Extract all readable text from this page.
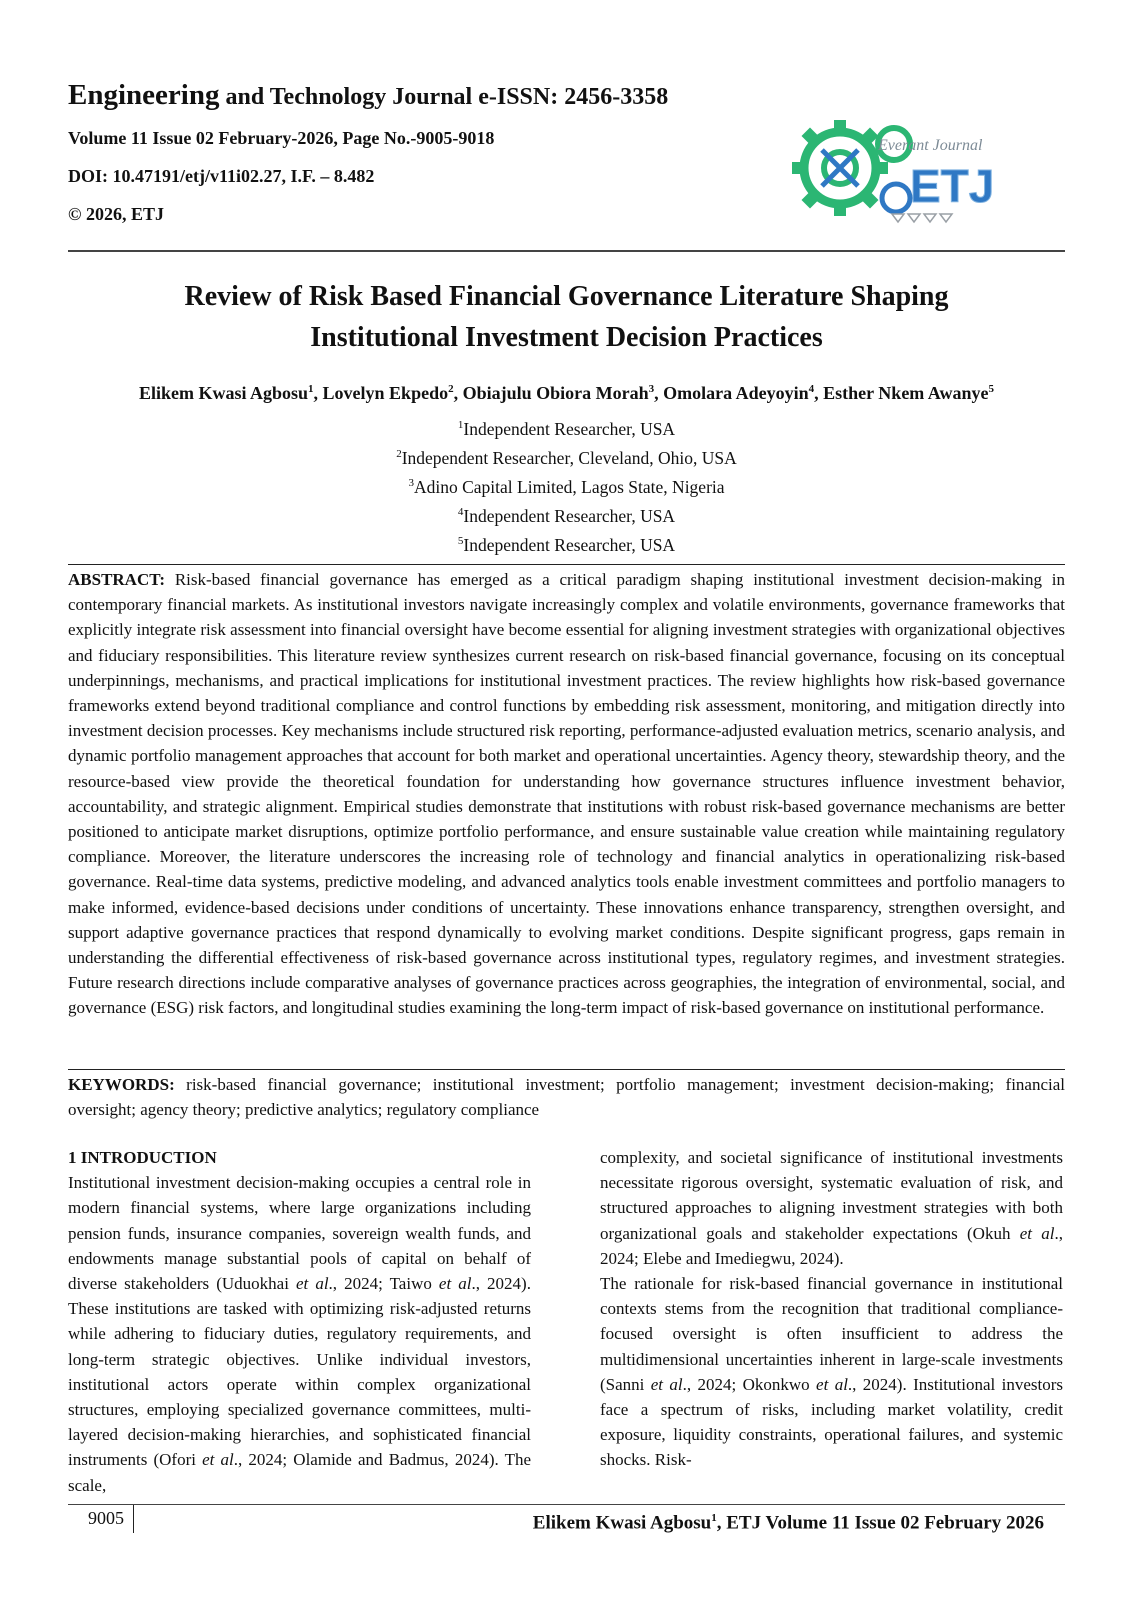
Engineering and Technology Journal e-ISSN: 2456-3358

Volume 11 Issue 02 February-2026, Page No.-9005-9018

DOI: 10.47191/etj/v11i02.27, I.F. – 8.482

© 2026, ETJ

Everant Journal
ETJ
Review of Risk Based Financial Governance Literature Shaping
Institutional Investment Decision Practices

Elikem Kwasi Agbosu$^1$, Lovelyn Ekpedo$^2$, Obiajulu Obiora Morah$^3$, Omolara Adeyoyin$^4$, Esther Nkem Awanye$^5$

$^1$Independent Researcher, USA
$^2$Independent Researcher, Cleveland, Ohio, USA
$^3$Adino Capital Limited, Lagos State, Nigeria
$^4$Independent Researcher, USA
$^5$Independent Researcher, USA

ABSTRACT: Risk-based financial governance has emerged as a critical paradigm shaping institutional investment decision-making in contemporary financial markets. As institutional investors navigate increasingly complex and volatile environments, governance frameworks that explicitly integrate risk assessment into financial oversight have become essential for aligning investment strategies with organizational objectives and fiduciary responsibilities. This literature review synthesizes current research on risk-based financial governance, focusing on its conceptual underpinnings, mechanisms, and practical implications for institutional investment practices. The review highlights how risk-based governance frameworks extend beyond traditional compliance and control functions by embedding risk assessment, monitoring, and mitigation directly into investment decision processes. Key mechanisms include structured risk reporting, performance-adjusted evaluation metrics, scenario analysis, and dynamic portfolio management approaches that account for both market and operational uncertainties. Agency theory, stewardship theory, and the resource-based view provide the theoretical foundation for understanding how governance structures influence investment behavior, accountability, and strategic alignment. Empirical studies demonstrate that institutions with robust risk-based governance mechanisms are better positioned to anticipate market disruptions, optimize portfolio performance, and ensure sustainable value creation while maintaining regulatory compliance. Moreover, the literature underscores the increasing role of technology and financial analytics in operationalizing risk-based governance. Real-time data systems, predictive modeling, and advanced analytics tools enable investment committees and portfolio managers to make informed, evidence-based decisions under conditions of uncertainty. These innovations enhance transparency, strengthen oversight, and support adaptive governance practices that respond dynamically to evolving market conditions. Despite significant progress, gaps remain in understanding the differential effectiveness of risk-based governance across institutional types, regulatory regimes, and investment strategies. Future research directions include comparative analyses of governance practices across geographies, the integration of environmental, social, and governance (ESG) risk factors, and longitudinal studies examining the long-term impact of risk-based governance on institutional performance.

KEYWORDS: risk-based financial governance; institutional investment; portfolio management; investment decision-making; financial oversight; agency theory; predictive analytics; regulatory compliance

1 INTRODUCTION

Institutional investment decision-making occupies a central role in modern financial systems, where large organizations including pension funds, insurance companies, sovereign wealth funds, and endowments manage substantial pools of capital on behalf of diverse stakeholders (Uduokhai et al., 2024; Taiwo et al., 2024). These institutions are tasked with optimizing risk-adjusted returns while adhering to fiduciary duties, regulatory requirements, and long-term strategic objectives. Unlike individual investors, institutional actors operate within complex organizational structures, employing specialized governance committees, multi-layered decision-making hierarchies, and sophisticated financial instruments (Ofori et al., 2024; Olamide and Badmus, 2024). The scale,

complexity, and societal significance of institutional investments necessitate rigorous oversight, systematic evaluation of risk, and structured approaches to aligning investment strategies with both organizational goals and stakeholder expectations (Okuh et al., 2024; Elebe and Imediegwu, 2024).

The rationale for risk-based financial governance in institutional contexts stems from the recognition that traditional compliance-focused oversight is often insufficient to address the multidimensional uncertainties inherent in large-scale investments (Sanni et al., 2024; Okonkwo et al., 2024). Institutional investors face a spectrum of risks, including market volatility, credit exposure, liquidity constraints, operational failures, and systemic shocks. Risk-

9005	Elikem Kwasi Agbosu$^1$, ETJ Volume 11 Issue 02 February 2026
